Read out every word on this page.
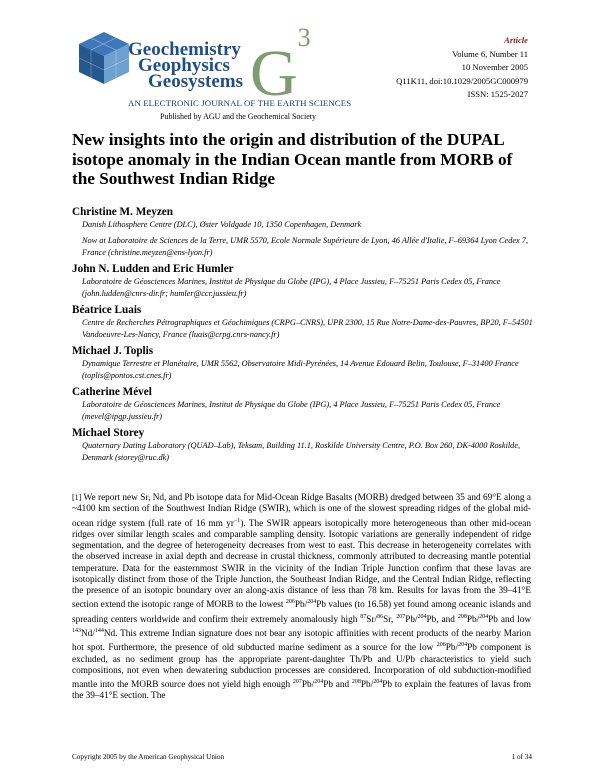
Geochemistry
Geophysics
Geosystems $G^3$
AN ELECTRONIC JOURNAL OF THE EARTH SCIENCES
Published by AGU and the Geochemical Society
Article
Volume 6, Number 11
10 November 2005
Q11K11, doi:10.1029/2005GC000979
ISSN: 1525-2027
New insights into the origin and distribution of the DUPAL isotope anomaly in the Indian Ocean mantle from MORB of the Southwest Indian Ridge
Christine M. Meyzen
Danish Lithosphere Centre (DLC), Øster Voldgade 10, 1350 Copenhagen, Denmark
Now at Laboratoire de Sciences de la Terre, UMR 5570, Ecole Normale Supérieure de Lyon, 46 Allée d'Italie, F–69364 Lyon Cedex 7, France (christine.meyzen@ens-lyon.fr)
John N. Ludden and Eric Humler
Laboratoire de Géosciences Marines, Institut de Physique du Globe (IPG), 4 Place Jussieu, F–75251 Paris Cedex 05, France (john.ludden@cnrs-dir.fr; humler@ccr.jussieu.fr)
Béatrice Luais
Centre de Recherches Pétrographiques et Géochimiques (CRPG–CNRS), UPR 2300, 15 Rue Notre-Dame-des-Pauvres, BP20, F–54501 Vandoeuvre-Les-Nancy, France (luais@crpg.cnrs-nancy.fr)
Michael J. Toplis
Dynamique Terrestre et Planétaire, UMR 5562, Observatoire Midi-Pyrénées, 14 Avenue Edouard Belin, Toulouse, F–31400 France (toplis@pontos.cst.cnes.fr)
Catherine Mével
Laboratoire de Géosciences Marines, Institut de Physique du Globe (IPG), 4 Place Jussieu, F–75251 Paris Cedex 05, France (mevel@ipgp.jussieu.fr)
Michael Storey
Quaternary Dating Laboratory (QUAD–Lab), Teksam, Building 11.1, Roskilde University Centre, P.O. Box 260, DK-4000 Roskilde, Denmark (storey@ruc.dk)
[1] We report new Sr, Nd, and Pb isotope data for Mid-Ocean Ridge Basalts (MORB) dredged between 35 and 69°E along a ~4100 km section of the Southwest Indian Ridge (SWIR), which is one of the slowest spreading ridges of the global mid-ocean ridge system (full rate of 16 mm $yr^{-1}$). The SWIR appears isotopically more heterogeneous than other mid-ocean ridges over similar length scales and comparable sampling density. Isotopic variations are generally independent of ridge segmentation, and the degree of heterogeneity decreases from west to east. This decrease in heterogeneity correlates with the observed increase in axial depth and decrease in crustal thickness, commonly attributed to decreasing mantle potential temperature. Data for the easternmost SWIR in the vicinity of the Indian Triple Junction confirm that these lavas are isotopically distinct from those of the Triple Junction, the Southeast Indian Ridge, and the Central Indian Ridge, reflecting the presence of an isotopic boundary over an along-axis distance of less than 78 km. Results for lavas from the 39–41°E section extend the isotopic range of MORB to the lowest $^{206}$Pb/$^{204}$Pb values (to 16.58) yet found among oceanic islands and spreading centers worldwide and confirm their extremely anomalously high $^{87}$Sr/$^{86}$Sr, $^{207}$Pb/$^{204}$Pb, and $^{208}$Pb/$^{204}$Pb and low $^{143}$Nd/$^{144}$Nd. This extreme Indian signature does not bear any isotopic affinities with recent products of the nearby Marion hot spot. Furthermore, the presence of old subducted marine sediment as a source for the low $^{206}$Pb/$^{204}$Pb component is excluded, as no sediment group has the appropriate parent-daughter Th/Pb and U/Pb characteristics to yield such compositions, not even when dewatering subduction processes are considered. Incorporation of old subduction-modified mantle into the MORB source does not yield high enough $^{207}$Pb/$^{204}$Pb and $^{208}$Pb/$^{204}$Pb to explain the features of lavas from the 39–41°E section. The
Copyright 2005 by the American Geophysical Union	1 of 34
